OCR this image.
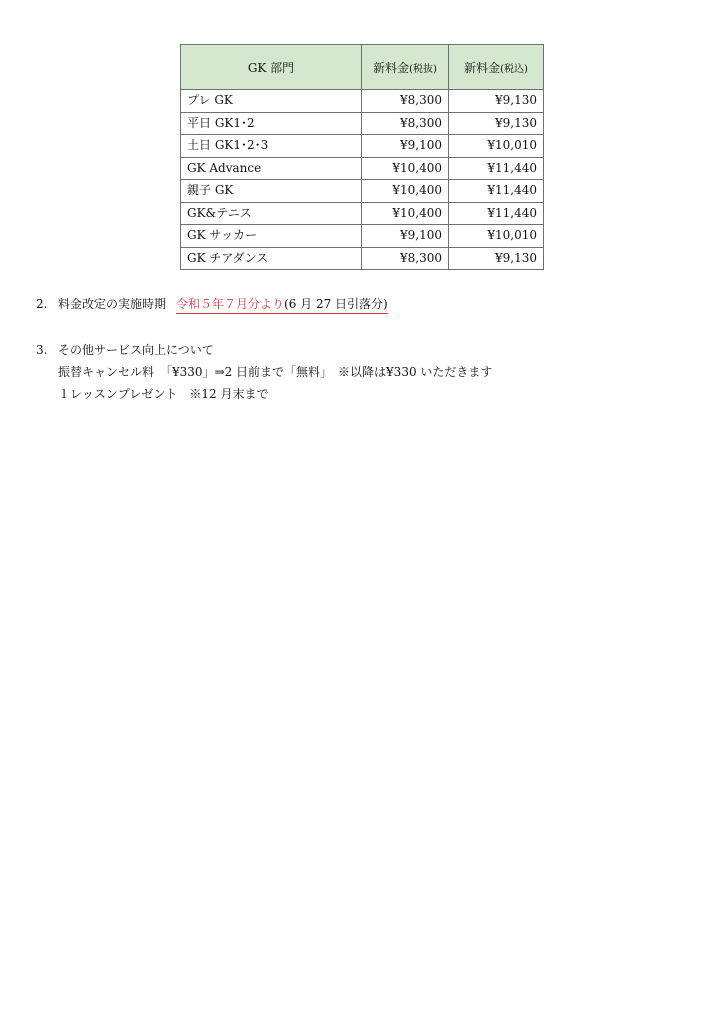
GK 部門	新料金(税抜)	新料金(税込)
プレ GK	¥8,300	¥9,130
平日 GK1･2	¥8,300	¥9,130
土日 GK1･2･3	¥9,100	¥10,010
GK Advance	¥10,400	¥11,440
親子 GK	¥10,400	¥11,440
GK&テニス	¥10,400	¥11,440
GK サッカー	¥9,100	¥10,010
GK チアダンス	¥8,300	¥9,130
2. 料金改定の実施時期 令和５年７月分より(6 月 27 日引落分)
3. その他サービス向上について
振替キャンセル料　「¥330」⇒2 日前まで「無料」　※以降は¥330 いただきます
１レッスンプレゼント　※12 月末まで
